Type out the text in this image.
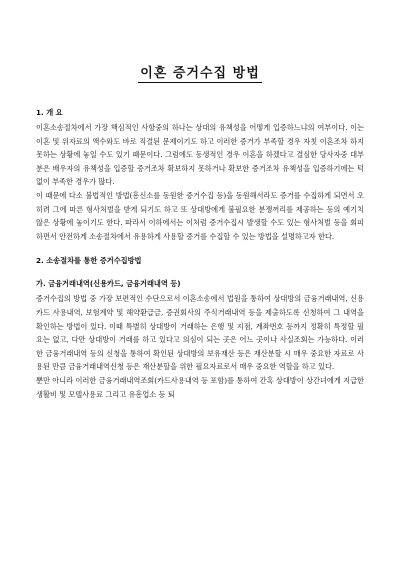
이혼 증거수집 방법
1. 개 요

이혼소송절차에서 가장 핵심적인 사항중의 하나는 상대의 유책성을 어떻게 입증하느냐의 여부이다. 이는 이혼 및 위자료의 액수와도 바로 직결된 문제이기도 하고 이러한 증거가 부족할 경우 자칫 이혼조차 하지 못하는 상황에 놓일 수도 있기 때문이다. 그럼에도 동생적인 경우 이혼을 하겠다고 결심한 당사자중 대부분은 배우자의 유책성을 입증할 증거조차 확보하지 못하거나 확보한 증거조차 유책성을 입증하기에는 턱없이 부족한 경우가 많다.

이 때문에 다소 불법적인 방법(흥신소를 동원한 증거수집 등)을 동원해서라도 증거를 수집하게 되면서 오히려 그에 따른 형사처벌을 받게 되기도 하고 또 상대방에게 불필요한 분쟁꺼리를 제공하는 등의 예기치 않은 상황에 놓이기도 한다. 따라서 이하에서는 이처럼 증거수집시 발생할 수도 있는 형사처벌 등을 회피하면서 안전하게 소송절차에서 유용하게 사용할 증거를 수집할 수 있는 방법을 설명하고자 한다.

2. 소송절차를 통한 증거수집방법
가. 금융거래내역(신용카드, 금융거래내역 등)

증거수집의 방법 중 가장 보편적인 수단으로서 이혼소송에서 법원을 통하여 상대방의 금융거래내역, 신용카드 사용내역, 보험계약 및 해약환급금, 증권회사의 주식거래내역 등을 제출하도록 신청하여 그 내역을 확인하는 방법이 있다. 이때 특별히 상대방이 거래하는 은행 및 지점, 계좌번호 등까지 정확히 특정할 필요는 없고, 다만 상대방이 거래를 하고 있다고 의심이 되는 곳은 어느 곳이나 사실조회는 가능하다. 이러한 금융거래내역 등의 신청을 통하여 확인된 상대방의 보유재산 등은 재산분할 시 매우 중요한 자료로 사용된 만큼 금융거래내역신청 등은 재산분할을 위한 필요자료로서 매우 중요한 역할을 하고 있다.

뿐만 아니라 이러한 금융거래내역조회(카드사용내역 등 포함)를 통하여 간혹 상대방이 상간녀에게 지급한 생활비 및 모텔사용료 그리고 유흥업소 등 퇴
